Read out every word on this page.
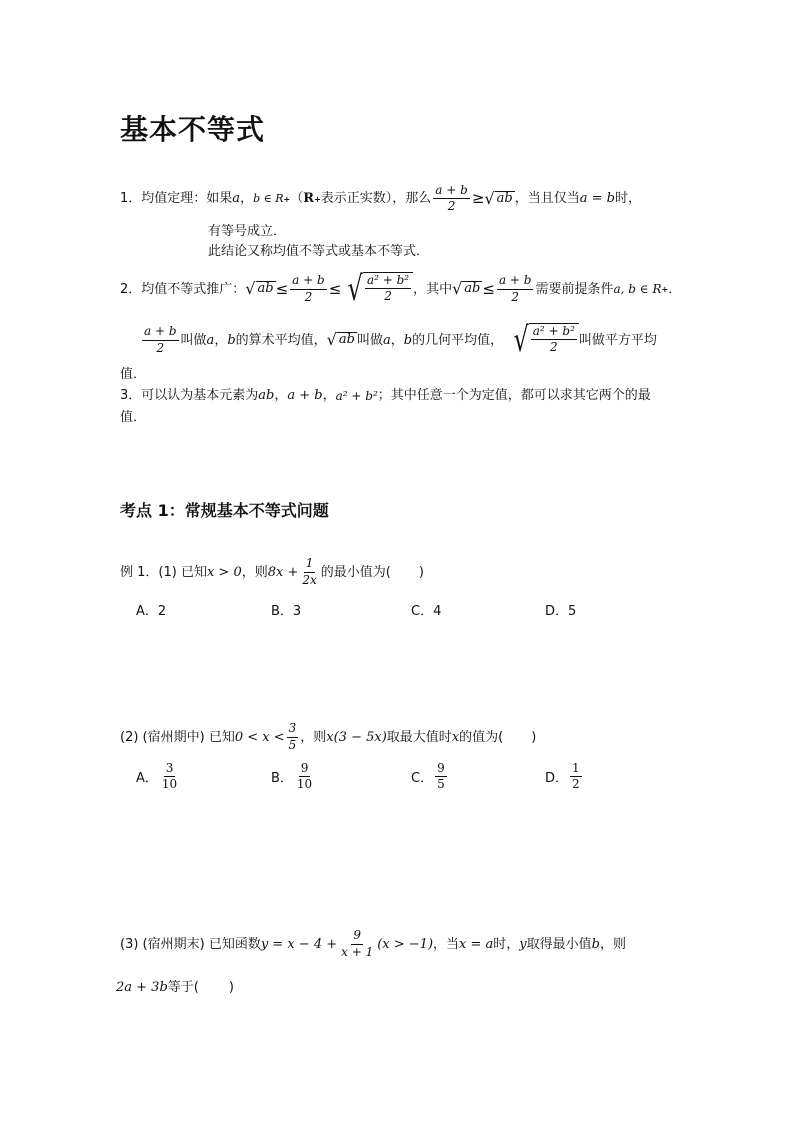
基本不等式
1． 均值定理：如果 a ， b ∈ R + （ R + 表示正实数），那么 $\frac{a + b}{2}$ ≥ √ ab ，当且仅当 a = b 时，
有等号成立．
此结论又称均值不等式或基本不等式．
2． 均值不等式推广： √ ab ≤ $\frac{a + b}{2}$ ≤ √ $\frac{\text{a² + b²}}{2}$ ，其中 √ ab ≤ $\frac{a + b}{2}$ 需要前提条件 a, b ∈ R + ．
$\frac{a + b}{2}$ 叫做 a ， b 的算术平均值， √ ab 叫做 a ， b 的几何平均值， √ $\frac{\text{a² + b²}}{2}$ 叫做平方平均
值．
3． 可以认为基本元素为 ab ， a + b ， a² + b² ；其中任意一个为定值，都可以求其它两个的最
值．
考点 1：常规基本不等式问题
例 1．(1) 已知 x > 0 ，则 $8x + \frac{1}{2x}$ 的最小值为( )
A．2	B．3	C．4	D．5
(2) (宿州期中) 已知 $0 < x < \frac{3}{5}$ ，则 x(3 − 5x) 取最大值时 x 的值为( )
A． $\frac{3}{10}$	B． $\frac{9}{10}$	C． $\frac{9}{5}$	D． $\frac{1}{2}$
(3) (宿州期末) 已知函数 $y = x - 4 + \frac{9}{x + 1} (x > -1)$ ，当 x = a 时， y 取得最小值 b ，则
2a + 3b 等于( )
